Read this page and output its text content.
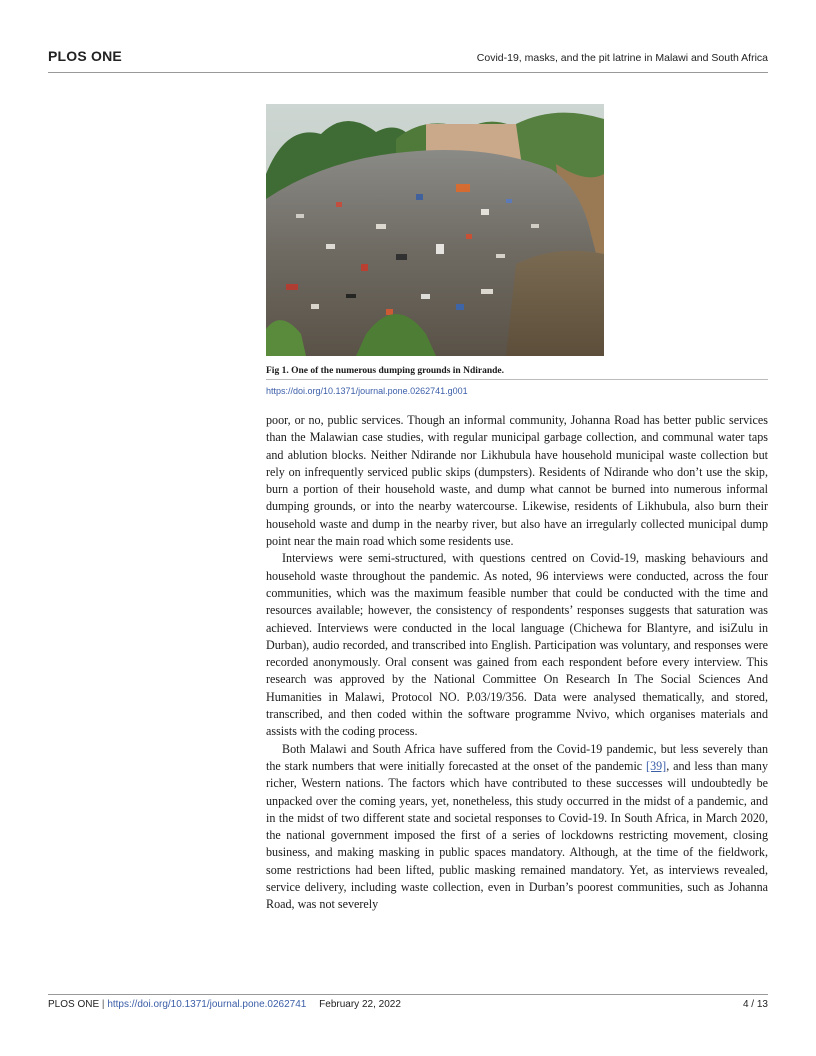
PLOS ONE	Covid-19, masks, and the pit latrine in Malawi and South Africa
Fig 1. One of the numerous dumping grounds in Ndirande.
https://doi.org/10.1371/journal.pone.0262741.g001

poor, or no, public services. Though an informal community, Johanna Road has better public services than the Malawian case studies, with regular municipal garbage collection, and communal water taps and ablution blocks. Neither Ndirande nor Likhubula have household municipal waste collection but rely on infrequently serviced public skips (dumpsters). Residents of Ndirande who don’t use the skip, burn a portion of their household waste, and dump what cannot be burned into numerous informal dumping grounds, or into the nearby watercourse. Likewise, residents of Likhubula, also burn their household waste and dump in the nearby river, but also have an irregularly collected municipal dump point near the main road which some residents use.

Interviews were semi-structured, with questions centred on Covid-19, masking behaviours and household waste throughout the pandemic. As noted, 96 interviews were conducted, across the four communities, which was the maximum feasible number that could be conducted with the time and resources available; however, the consistency of respondents’ responses suggests that saturation was achieved. Interviews were conducted in the local language (Chichewa for Blantyre, and isiZulu in Durban), audio recorded, and transcribed into English. Participation was voluntary, and responses were recorded anonymously. Oral consent was gained from each respondent before every interview. This research was approved by the National Committee On Research In The Social Sciences And Humanities in Malawi, Protocol NO. P.03/19/356. Data were analysed thematically, and stored, transcribed, and then coded within the software programme Nvivo, which organises materials and assists with the coding process.

Both Malawi and South Africa have suffered from the Covid-19 pandemic, but less severely than the stark numbers that were initially forecasted at the onset of the pandemic [39], and less than many richer, Western nations. The factors which have contributed to these successes will undoubtedly be unpacked over the coming years, yet, nonetheless, this study occurred in the midst of a pandemic, and in the midst of two different state and societal responses to Covid-19. In South Africa, in March 2020, the national government imposed the first of a series of lockdowns restricting movement, closing business, and making masking in public spaces mandatory. Although, at the time of the fieldwork, some restrictions had been lifted, public masking remained mandatory. Yet, as interviews revealed, service delivery, including waste collection, even in Durban’s poorest communities, such as Johanna Road, was not severely

PLOS ONE | https://doi.org/10.1371/journal.pone.0262741 February 22, 2022	4 / 13
